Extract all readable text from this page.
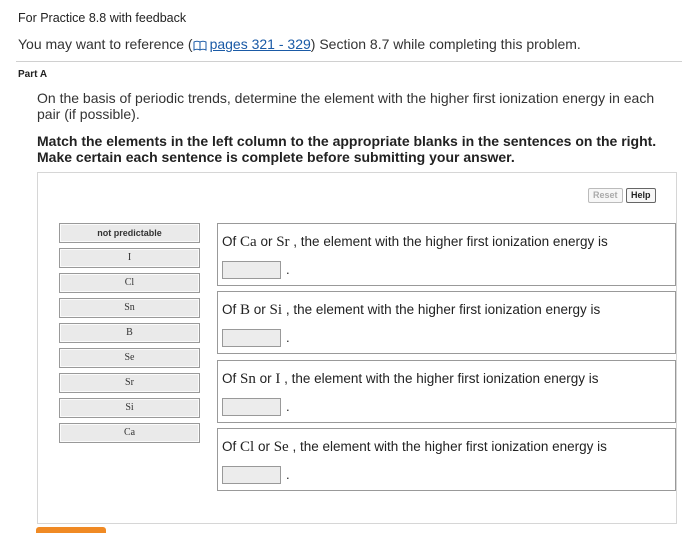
For Practice 8.8 with feedback
You may want to reference ( pages 321 - 329) Section 8.7 while completing this problem.
Part A
On the basis of periodic trends, determine the element with the higher first ionization energy in each pair (if possible).
Match the elements in the left column to the appropriate blanks in the sentences on the right. Make certain each sentence is complete before submitting your answer.
Reset	Help
not predictable
I
Cl
Sn
B
Se
Sr
Si
Ca
Of Ca or Sr , the element with the higher first ionization energy is
.
Of B or Si , the element with the higher first ionization energy is
.
Of Sn or I , the element with the higher first ionization energy is
.
Of Cl or Se , the element with the higher first ionization energy is
.
